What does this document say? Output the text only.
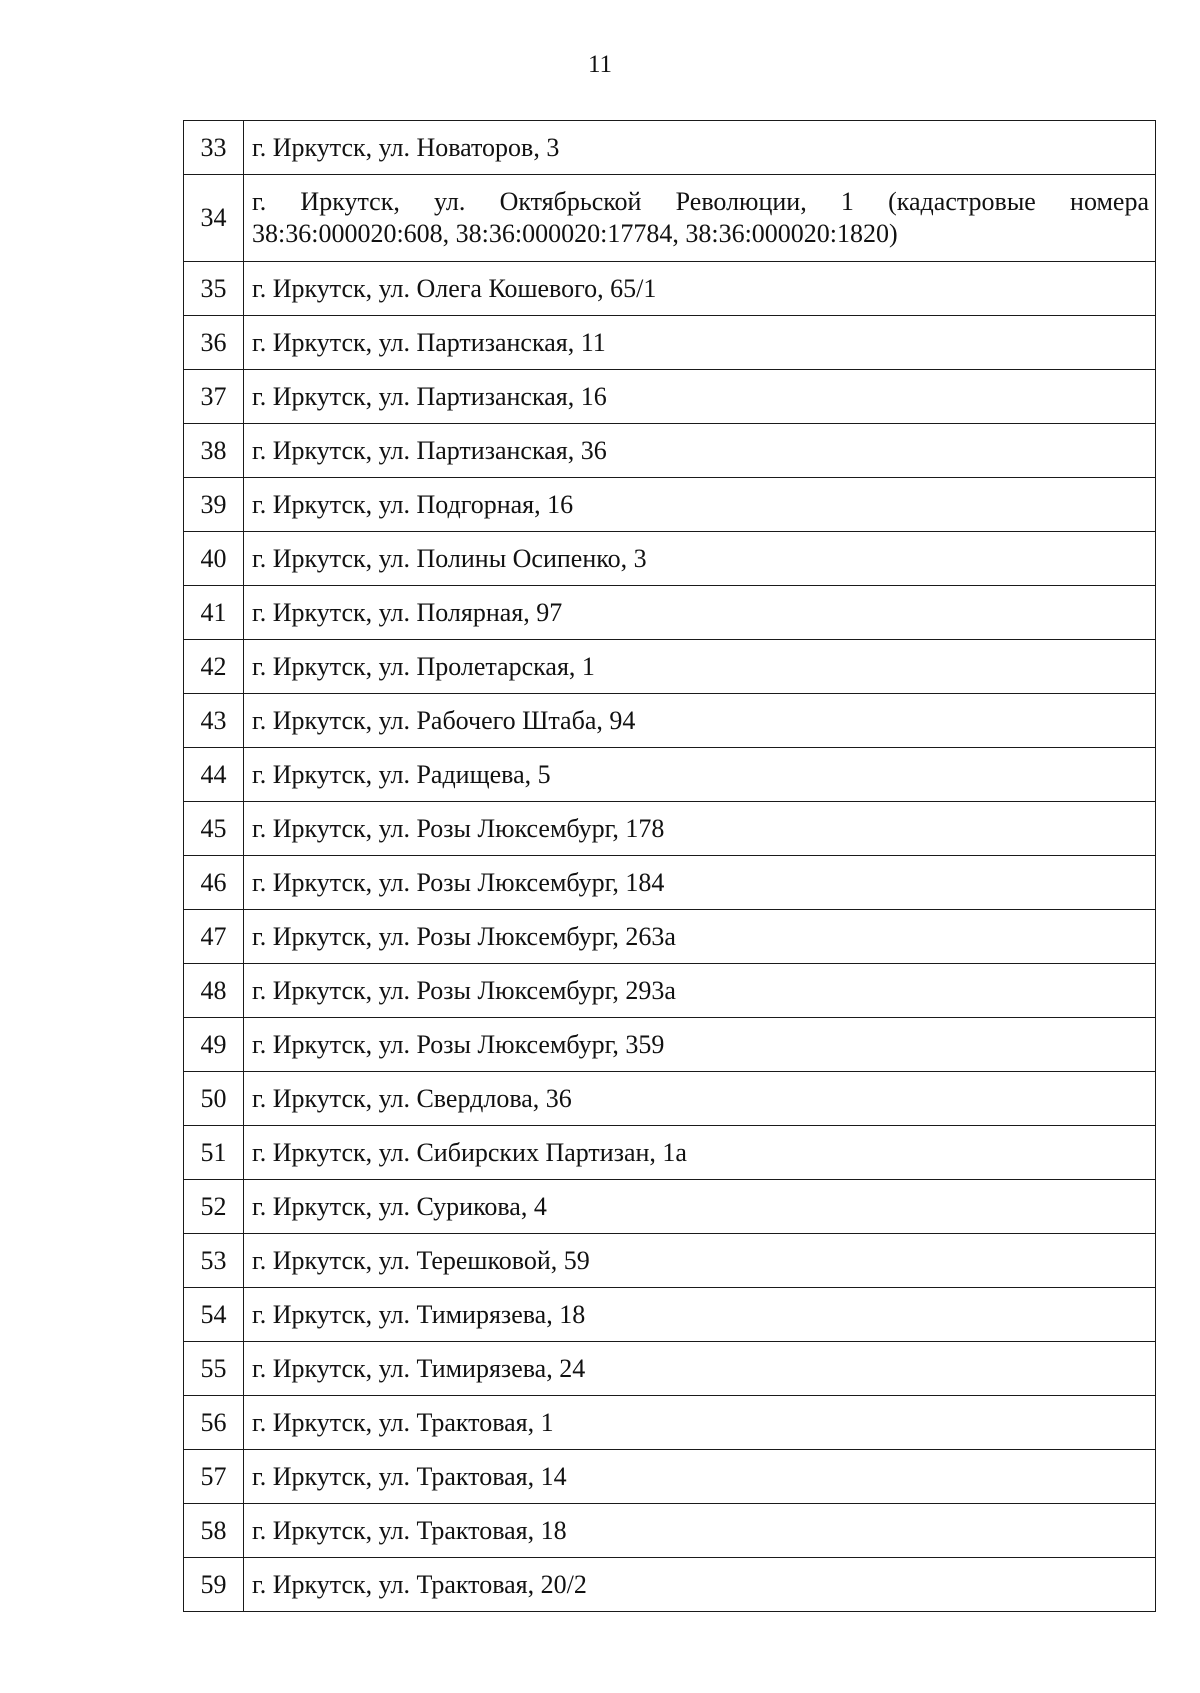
11
33	г. Иркутск, ул. Новаторов, 3
34	г. Иркутск, ул. Октябрьской Революции, 1 (кадастровые номера 38:36:000020:608, 38:36:000020:17784, 38:36:000020:1820)
35	г. Иркутск, ул. Олега Кошевого, 65/1
36	г. Иркутск, ул. Партизанская, 11
37	г. Иркутск, ул. Партизанская, 16
38	г. Иркутск, ул. Партизанская, 36
39	г. Иркутск, ул. Подгорная, 16
40	г. Иркутск, ул. Полины Осипенко, 3
41	г. Иркутск, ул. Полярная, 97
42	г. Иркутск, ул. Пролетарская, 1
43	г. Иркутск, ул. Рабочего Штаба, 94
44	г. Иркутск, ул. Радищева, 5
45	г. Иркутск, ул. Розы Люксембург, 178
46	г. Иркутск, ул. Розы Люксембург, 184
47	г. Иркутск, ул. Розы Люксембург, 263а
48	г. Иркутск, ул. Розы Люксембург, 293а
49	г. Иркутск, ул. Розы Люксембург, 359
50	г. Иркутск, ул. Свердлова, 36
51	г. Иркутск, ул. Сибирских Партизан, 1а
52	г. Иркутск, ул. Сурикова, 4
53	г. Иркутск, ул. Терешковой, 59
54	г. Иркутск, ул. Тимирязева, 18
55	г. Иркутск, ул. Тимирязева, 24
56	г. Иркутск, ул. Трактовая, 1
57	г. Иркутск, ул. Трактовая, 14
58	г. Иркутск, ул. Трактовая, 18
59	г. Иркутск, ул. Трактовая, 20/2
